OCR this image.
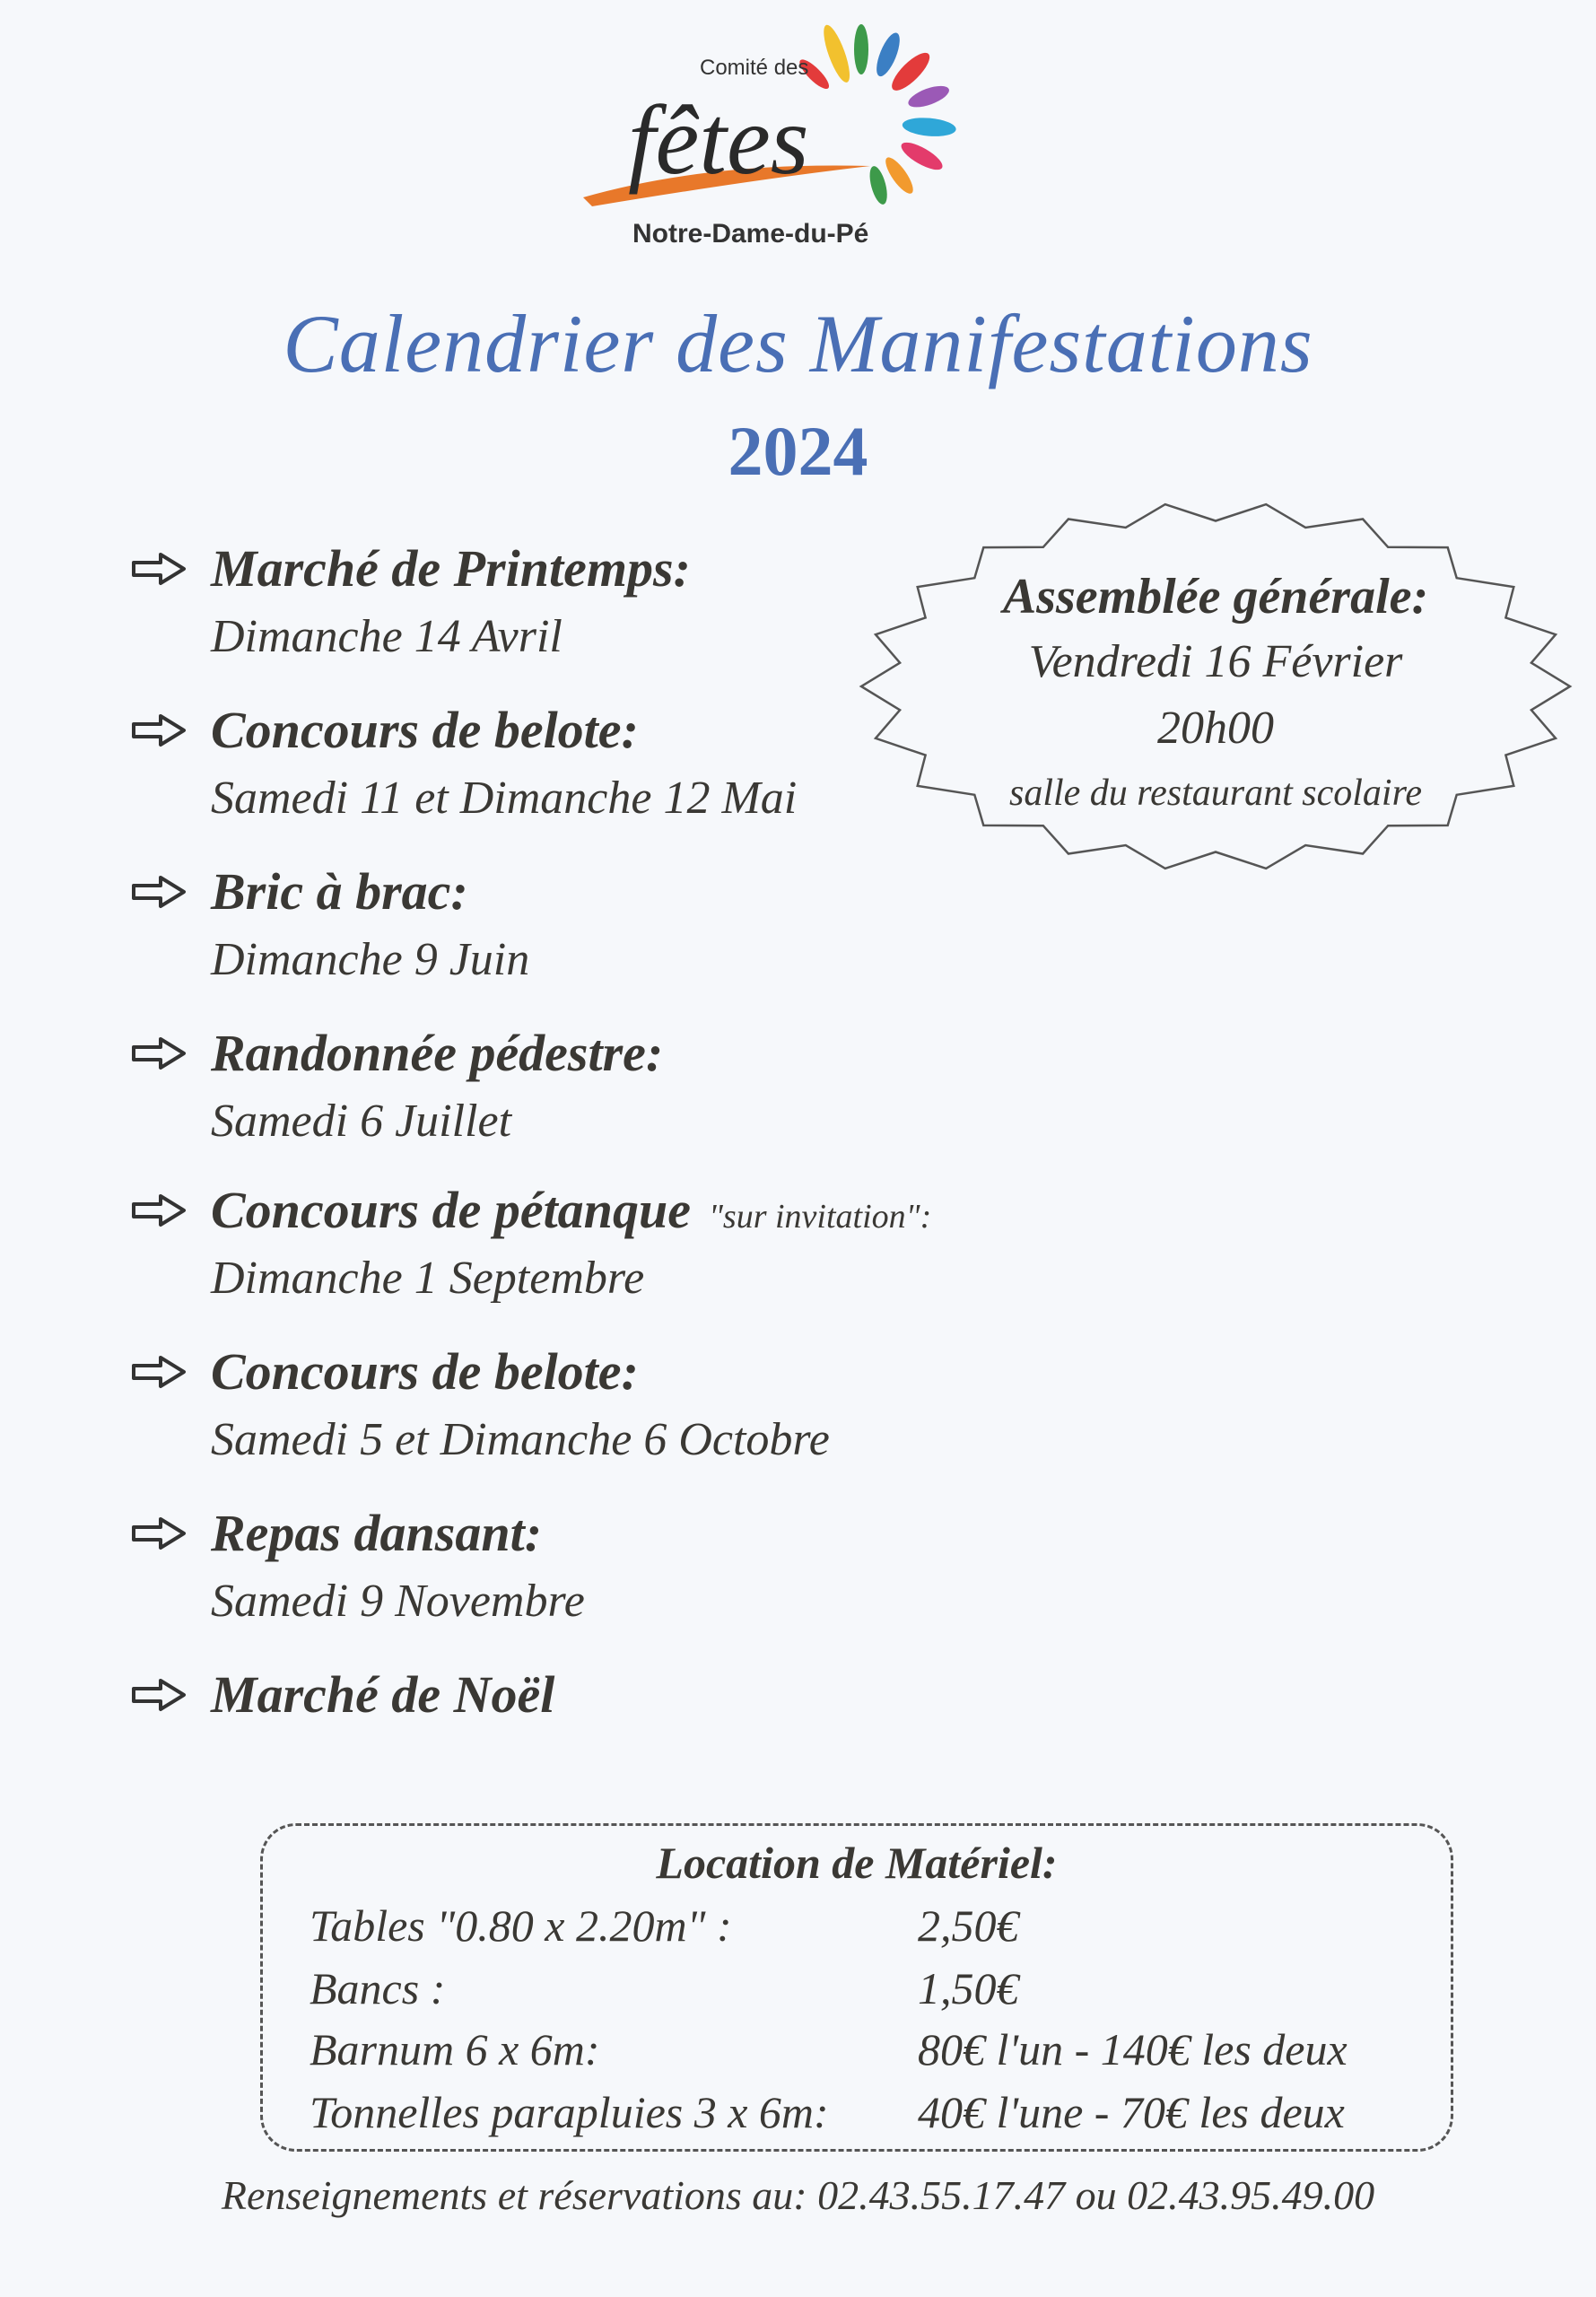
Comité des
fêtes
Notre-Dame-du-Pé
Calendrier des Manifestations
2024
Marché de Printemps:
Dimanche 14 Avril
Concours de belote:
Samedi 11 et Dimanche 12 Mai
Bric à brac:
Dimanche 9 Juin
Randonnée pédestre:
Samedi 6 Juillet
Concours de pétanque "sur invitation":
Dimanche 1 Septembre
Concours de belote:
Samedi 5 et Dimanche 6 Octobre
Repas dansant:
Samedi 9 Novembre
Marché de Noël
Assemblée générale:
Vendredi 16 Février
20h00
salle du restaurant scolaire
Location de Matériel:
Tables "0.80 x 2.20m" :	2,50€
Bancs :	1,50€
Barnum 6 x 6m:	80€ l'un - 140€ les deux
Tonnelles parapluies 3 x 6m: 40€ l'une - 70€ les deux
Renseignements et réservations au: 02.43.55.17.47 ou 02.43.95.49.00
